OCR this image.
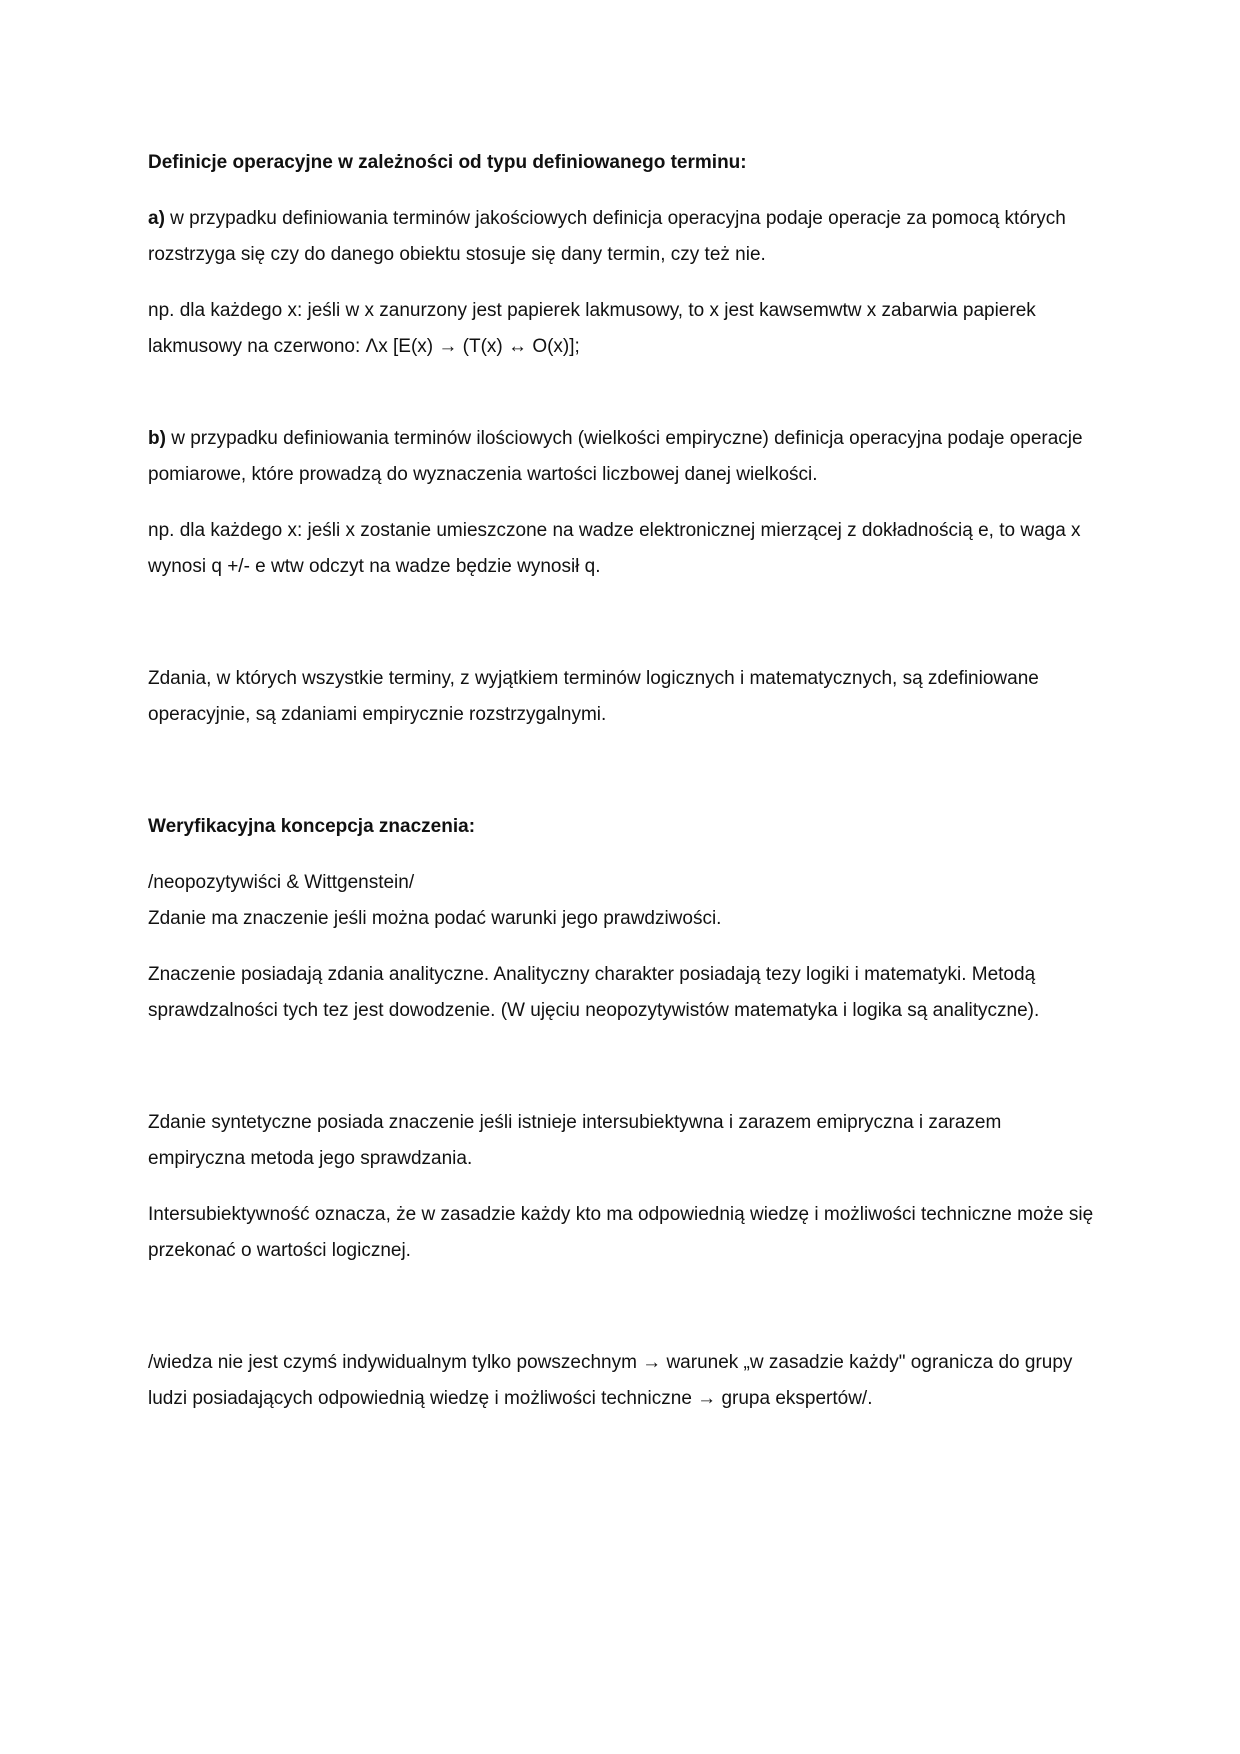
Definicje operacyjne w zależności od typu definiowanego terminu:

a) w przypadku definiowania terminów jakościowych definicja operacyjna podaje operacje za pomocą których rozstrzyga się czy do danego obiektu stosuje się dany termin, czy też nie.

np. dla każdego x: jeśli w x zanurzony jest papierek lakmusowy, to x jest kawsemwtw x zabarwia papierek lakmusowy na czerwono: Λx [E(x) → (T(x) ↔ O(x)];

b) w przypadku definiowania terminów ilościowych (wielkości empiryczne) definicja operacyjna podaje operacje pomiarowe, które prowadzą do wyznaczenia wartości liczbowej danej wielkości.

np. dla każdego x: jeśli x zostanie umieszczone na wadze elektronicznej mierzącej z dokładnością e, to waga x wynosi q +/- e wtw odczyt na wadze będzie wynosił q.

Zdania, w których wszystkie terminy, z wyjątkiem terminów logicznych i matematycznych, są zdefiniowane operacyjnie, są zdaniami empirycznie rozstrzygalnymi.

Weryfikacyjna koncepcja znaczenia:

/neopozytywiści & Wittgenstein/

Zdanie ma znaczenie jeśli można podać warunki jego prawdziwości.

Znaczenie posiadają zdania analityczne. Analityczny charakter posiadają tezy logiki i matematyki. Metodą sprawdzalności tych tez jest dowodzenie. (W ujęciu neopozytywistów matematyka i logika są analityczne).

Zdanie syntetyczne posiada znaczenie jeśli istnieje intersubiektywna i zarazem emipryczna i zarazem empiryczna metoda jego sprawdzania.

Intersubiektywność oznacza, że w zasadzie każdy kto ma odpowiednią wiedzę i możliwości techniczne może się przekonać o wartości logicznej.

/wiedza nie jest czymś indywidualnym tylko powszechnym → warunek „w zasadzie każdy" ogranicza do grupy ludzi posiadających odpowiednią wiedzę i możliwości techniczne → grupa ekspertów/.
